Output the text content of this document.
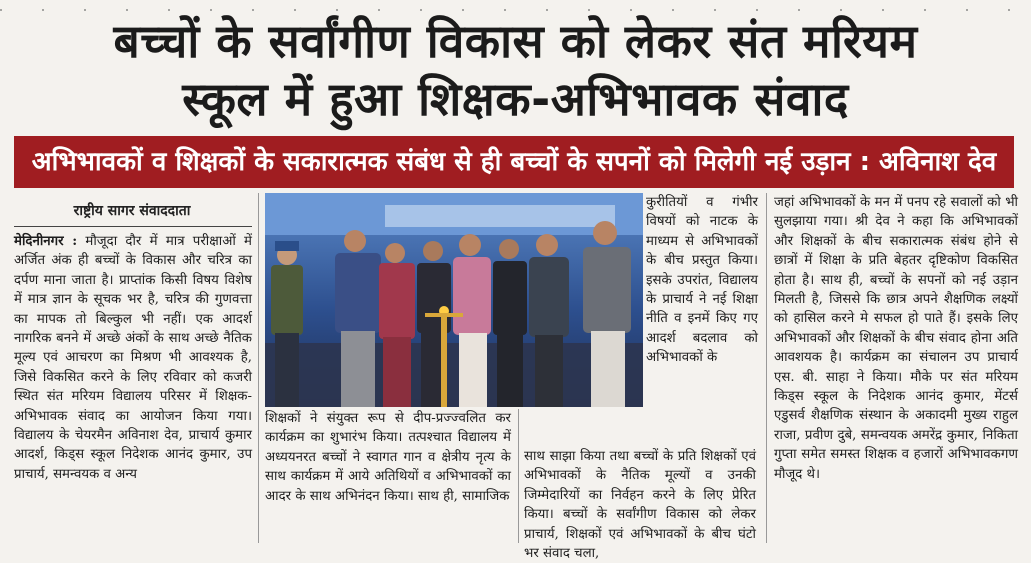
बच्चों के सर्वांगीण विकास को लेकर संत मरियम
स्कूल में हुआ शिक्षक-अभिभावक संवाद
अभिभावकों व शिक्षकों के सकारात्मक संबंध से ही बच्चों के सपनों को मिलेगी नई उड़ान : अविनाश देव
राष्ट्रीय सागर संवाददाता

मेदिनीनगर : मौजूदा दौर में मात्र परीक्षाओं में अर्जित अंक ही बच्चों के विकास और चरित्र का दर्पण माना जाता है। प्राप्तांक किसी विषय विशेष में मात्र ज्ञान के सूचक भर है, चरित्र की गुणवत्ता का मापक तो बिल्कुल भी नहीं। एक आदर्श नागरिक बनने में अच्छे अंकों के साथ अच्छे नैतिक मूल्य एवं आचरण का मिश्रण भी आवश्यक है, जिसे विकसित करने के लिए रविवार को कजरी स्थित संत मरियम विद्यालय परिसर में शिक्षक-अभिभावक संवाद का आयोजन किया गया। विद्यालय के चेयरमैन अविनाश देव, प्राचार्य कुमार आदर्श, किड्स स्कूल निदेशक आनंद कुमार, उप प्राचार्य, समन्वयक व अन्य

शिक्षकों ने संयुक्त रूप से दीप-प्रज्ज्वलित कर कार्यक्रम का शुभारंभ किया। तत्पश्चात विद्यालय में अध्ययनरत बच्चों ने स्वागत गान व क्षेत्रीय नृत्य के साथ कार्यक्रम में आये अतिथियों व अभिभावकों का आदर के साथ अभिनंदन किया। साथ ही, सामाजिक

कुरीतियों व गंभीर विषयों को नाटक के माध्यम से अभिभावकों के बीच प्रस्तुत किया। इसके उपरांत, विद्यालय के प्राचार्य ने नई शिक्षा नीति व इनमें किए गए आदर्श बदलाव को अभिभावकों के

साथ साझा किया तथा बच्चों के प्रति शिक्षकों एवं अभिभावकों के नैतिक मूल्यों व उनकी जिम्मेदारियों का निर्वहन करने के लिए प्रेरित किया। बच्चों के सर्वांगीण विकास को लेकर प्राचार्य, शिक्षकों एवं अभिभावकों के बीच घंटो भर संवाद चला,

जहां अभिभावकों के मन में पनप रहे सवालों को भी सुलझाया गया। श्री देव ने कहा कि अभिभावकों और शिक्षकों के बीच सकारात्मक संबंध होने से छात्रों में शिक्षा के प्रति बेहतर दृष्टिकोण विकसित होता है। साथ ही, बच्चों के सपनों को नई उड़ान मिलती है, जिससे कि छात्र अपने शैक्षणिक लक्ष्यों को हासिल करने मे सफल हो पाते हैं। इसके लिए अभिभावकों और शिक्षकों के बीच संवाद होना अति आवशयक है। कार्यक्रम का संचालन उप प्राचार्य एस. बी. साहा ने किया। मौके पर संत मरियम किड्स स्कूल के निदेशक आनंद कुमार, मेंटर्स एडुसर्व शैक्षणिक संस्थान के अकादमी मुख्य राहुल राजा, प्रवीण दुबे, समन्वयक अमरेंद्र कुमार, निकिता गुप्ता समेत समस्त शिक्षक व हजारों अभिभावकगण मौजूद थे।
